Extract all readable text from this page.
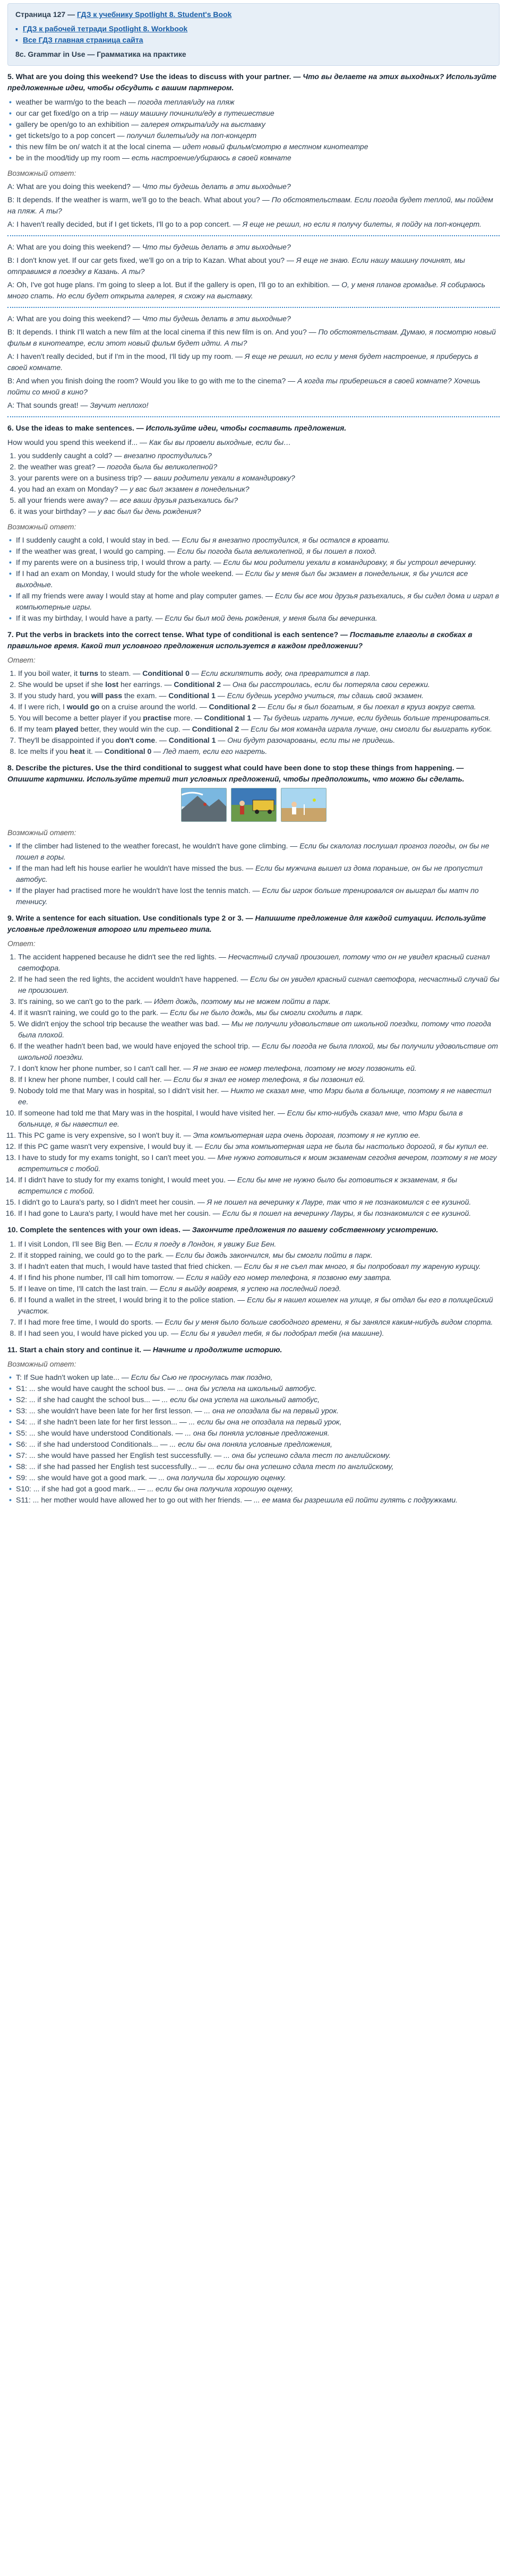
Страница 127 — ГДЗ к учебнику Spotlight 8. Student's Book
▪ ГДЗ к рабочей тетради Spotlight 8. Workbook
▪ Все ГДЗ главная страница сайта
8c. Grammar in Use — Грамматика на практике
5. What are you doing this weekend? Use the ideas to discuss with your partner. — Что вы делаете на этих выходных? Используйте предложенные идеи, чтобы обсудить с вашим партнером.
• weather be warm/go to the beach — погода теплая/иду на пляж
• our car get fixed/go on a trip — нашу машину починили/еду в путешествие
• gallery be open/go to an exhibition — галерея открыта/иду на выставку
• get tickets/go to a pop concert — получил билеты/иду на поп-концерт
• this new film be on/ watch it at the local cinema — идет новый фильм/смотрю в местном кинотеатре
• be in the mood/tidy up my room — есть настроение/убираюсь в своей комнате

Возможный ответ:

A: What are you doing this weekend? — Что ты будешь делать в эти выходные?

B: It depends. If the weather is warm, we'll go to the beach. What about you? — По обстоятельствам. Если погода будет теплой, мы пойдем на пляж. А ты?

A: I haven't really decided, but if I get tickets, I'll go to a pop concert. — Я еще не решил, но если я получу билеты, я пойду на поп-концерт.

A: What are you doing this weekend? — Что ты будешь делать в эти выходные?

B: I don't know yet. If our car gets fixed, we'll go on a trip to Kazan. What about you? — Я еще не знаю. Если нашу машину починят, мы отправимся в поездку в Казань. А ты?

A: Oh, I've got huge plans. I'm going to sleep a lot. But if the gallery is open, I'll go to an exhibition. — О, у меня планов громадье. Я собираюсь много спать. Но если будет открыта галерея, я схожу на выставку.

A: What are you doing this weekend? — Что ты будешь делать в эти выходные?

B: It depends. I think I'll watch a new film at the local cinema if this new film is on. And you? — По обстоятельствам. Думаю, я посмотрю новый фильм в кинотеатре, если этот новый фильм будет идти. А ты?

A: I haven't really decided, but if I'm in the mood, I'll tidy up my room. — Я еще не решил, но если у меня будет настроение, я приберусь в своей комнате.

B: And when you finish doing the room? Would you like to go with me to the cinema? — А когда ты приберешься в своей комнате? Хочешь пойти со мной в кино?

A: That sounds great! — Звучит неплохо!

6. Use the ideas to make sentences. — Используйте идеи, чтобы составить предложения.

How would you spend this weekend if... — Как бы вы провели выходные, если бы…

1. you suddenly caught a cold? — внезапно простудились?
2. the weather was great? — погода была бы великолепной?
3. your parents were on a business trip? — ваши родители уехали в командировку?
4. you had an exam on Monday? — у вас был экзамен в понедельник?
5. all your friends were away? — все ваши друзья разъехались бы?
6. it was your birthday? — у вас был бы день рождения?

Возможный ответ:

• If I suddenly caught a cold, I would stay in bed. — Если бы я внезапно простудился, я бы остался в кровати.
• If the weather was great, I would go camping. — Если бы погода была великолепной, я бы пошел в поход.
• If my parents were on a business trip, I would throw a party. — Если бы мои родители уехали в командировку, я бы устроил вечеринку.
• If I had an exam on Monday, I would study for the whole weekend. — Если бы у меня был бы экзамен в понедельник, я бы учился все выходные.
• If all my friends were away I would stay at home and play computer games. — Если бы все мои друзья разъехались, я бы сидел дома и играл в компьютерные игры.
• If it was my birthday, I would have a party. — Если бы был мой день рождения, у меня была бы вечеринка.
7. Put the verbs in brackets into the correct tense. What type of conditional is each sentence? — Поставьте глаголы в скобках в правильное время. Какой тип условного предложения используется в каждом предложении?

Ответ:

1. If you boil water, it turns to steam. — Conditional 0 — Если вскипятить воду, она превратится в пар.
2. She would be upset if she lost her earrings. — Conditional 2 — Она бы расстроилась, если бы потеряла свои сережки.
3. If you study hard, you will pass the exam. — Conditional 1 — Если будешь усердно учиться, ты сдашь свой экзамен.
4. If I were rich, I would go on a cruise around the world. — Conditional 2 — Если бы я был богатым, я бы поехал в круиз вокруг света.
5. You will become a better player if you practise more. — Conditional 1 — Ты будешь играть лучше, если будешь больше тренироваться.
6. If my team played better, they would win the cup. — Conditional 2 — Если бы моя команда играла лучше, они смогли бы выиграть кубок.
7. They'll be disappointed if you don't come. — Conditional 1 — Они будут разочарованы, если ты не придешь.
8. Ice melts if you heat it. — Conditional 0 — Лед тает, если его нагреть.
8. Describe the pictures. Use the third conditional to suggest what could have been done to stop these things from happening. — Опишите картинки. Используйте третий тип условных предложений, чтобы предположить, что можно бы сделать.

Возможный ответ:

• If the climber had listened to the weather forecast, he wouldn't have gone climbing. — Если бы скалолаз послушал прогноз погоды, он бы не пошел в горы.
• If the man had left his house earlier he wouldn't have missed the bus. — Если бы мужчина вышел из дома пораньше, он бы не пропустил автобус.
• If the player had practised more he wouldn't have lost the tennis match. — Если бы игрок больше тренировался он выиграл бы матч по теннису.
9. Write a sentence for each situation. Use conditionals type 2 or 3. — Напишите предложение для каждой ситуации. Используйте условные предложения второго или третьего типа.

Ответ:

1. The accident happened because he didn't see the red lights. — Несчастный случай произошел, потому что он не увидел красный сигнал светофора.
2. If he had seen the red lights, the accident wouldn't have happened. — Если бы он увидел красный сигнал светофора, несчастный случай бы не произошел.
3. It's raining, so we can't go to the park. — Идет дождь, поэтому мы не можем пойти в парк.
4. If it wasn't raining, we could go to the park. — Если бы не было дождь, мы бы смогли сходить в парк.
5. We didn't enjoy the school trip because the weather was bad. — Мы не получили удовольствие от школьной поездки, потому что погода была плохой.
6. If the weather hadn't been bad, we would have enjoyed the school trip. — Если бы погода не была плохой, мы бы получили удовольствие от школьной поездки.
7. I don't know her phone number, so I can't call her. — Я не знаю ее номер телефона, поэтому не могу позвонить ей.
8. If I knew her phone number, I could call her. — Если бы я знал ее номер телефона, я бы позвонил ей.
9. Nobody told me that Mary was in hospital, so I didn't visit her. — Никто не сказал мне, что Мэри была в больнице, поэтому я не навестил ее.
10. If someone had told me that Mary was in the hospital, I would have visited her. — Если бы кто-нибудь сказал мне, что Мэри была в больнице, я бы навестил ее.
11. This PC game is very expensive, so I won't buy it. — Эта компьютерная игра очень дорогая, поэтому я не куплю ее.
12. If this PC game wasn't very expensive, I would buy it. — Если бы эта компьютерная игра не была бы настолько дорогой, я бы купил ее.
13. I have to study for my exams tonight, so I can't meet you. — Мне нужно готовиться к моим экзаменам сегодня вечером, поэтому я не могу встретиться с тобой.
14. If I didn't have to study for my exams tonight, I would meet you. — Если бы мне не нужно было бы готовиться к экзаменам, я бы встретился с тобой.
15. I didn't go to Laura's party, so I didn't meet her cousin. — Я не пошел на вечеринку к Лауре, так что я не познакомился с ее кузиной.
16. If I had gone to Laura's party, I would have met her cousin. — Если бы я пошел на вечеринку Лауры, я бы познакомился с ее кузиной.
10. Complete the sentences with your own ideas. — Закончите предложения по вашему собственному усмотрению.
1. If I visit London, I'll see Big Ben. — Если я поеду в Лондон, я увижу Биг Бен.
2. If it stopped raining, we could go to the park. — Если бы дождь закончился, мы бы смогли пойти в парк.
3. If I hadn't eaten that much, I would have tasted that fried chicken. — Если бы я не съел так много, я бы попробовал ту жареную курицу.
4. If I find his phone number, I'll call him tomorrow. — Если я найду его номер телефона, я позвоню ему завтра.
5. If I leave on time, I'll catch the last train. — Если я выйду вовремя, я успею на последний поезд.
6. If I found a wallet in the street, I would bring it to the police station. — Если бы я нашел кошелек на улице, я бы отдал бы его в полицейский участок.
7. If I had more free time, I would do sports. — Если бы у меня было больше свободного времени, я бы занялся каким-нибудь видом спорта.
8. If I had seen you, I would have picked you up. — Если бы я увидел тебя, я бы подобрал тебя (на машине).
11. Start a chain story and continue it. — Начните и продолжите историю.

Возможный ответ:

• T: If Sue hadn't woken up late... — Если бы Сью не проснулась так поздно,
• S1: ... she would have caught the school bus. — ... она бы успела на школьный автобус.
• S2: ... if she had caught the school bus... — ... если бы она успела на школьный автобус,
• S3: ... she wouldn't have been late for her first lesson. — ... она не опоздала бы на первый урок.
• S4: ... if she hadn't been late for her first lesson... — ... если бы она не опоздала на первый урок,
• S5: ... she would have understood Conditionals. — ... она бы поняла условные предложения.
• S6: ... if she had understood Conditionals... — ... если бы она поняла условные предложения,
• S7: ... she would have passed her English test successfully. — ... она бы успешно сдала тест по английскому.
• S8: ... if she had passed her English test successfully... — ... если бы она успешно сдала тест по английскому,
• S9: ... she would have got a good mark. — ... она получила бы хорошую оценку.
• S10: ... if she had got a good mark... — ... если бы она получила хорошую оценку,
• S11: ... her mother would have allowed her to go out with her friends. — ... ее мама бы разрешила ей пойти гулять с подружками.
